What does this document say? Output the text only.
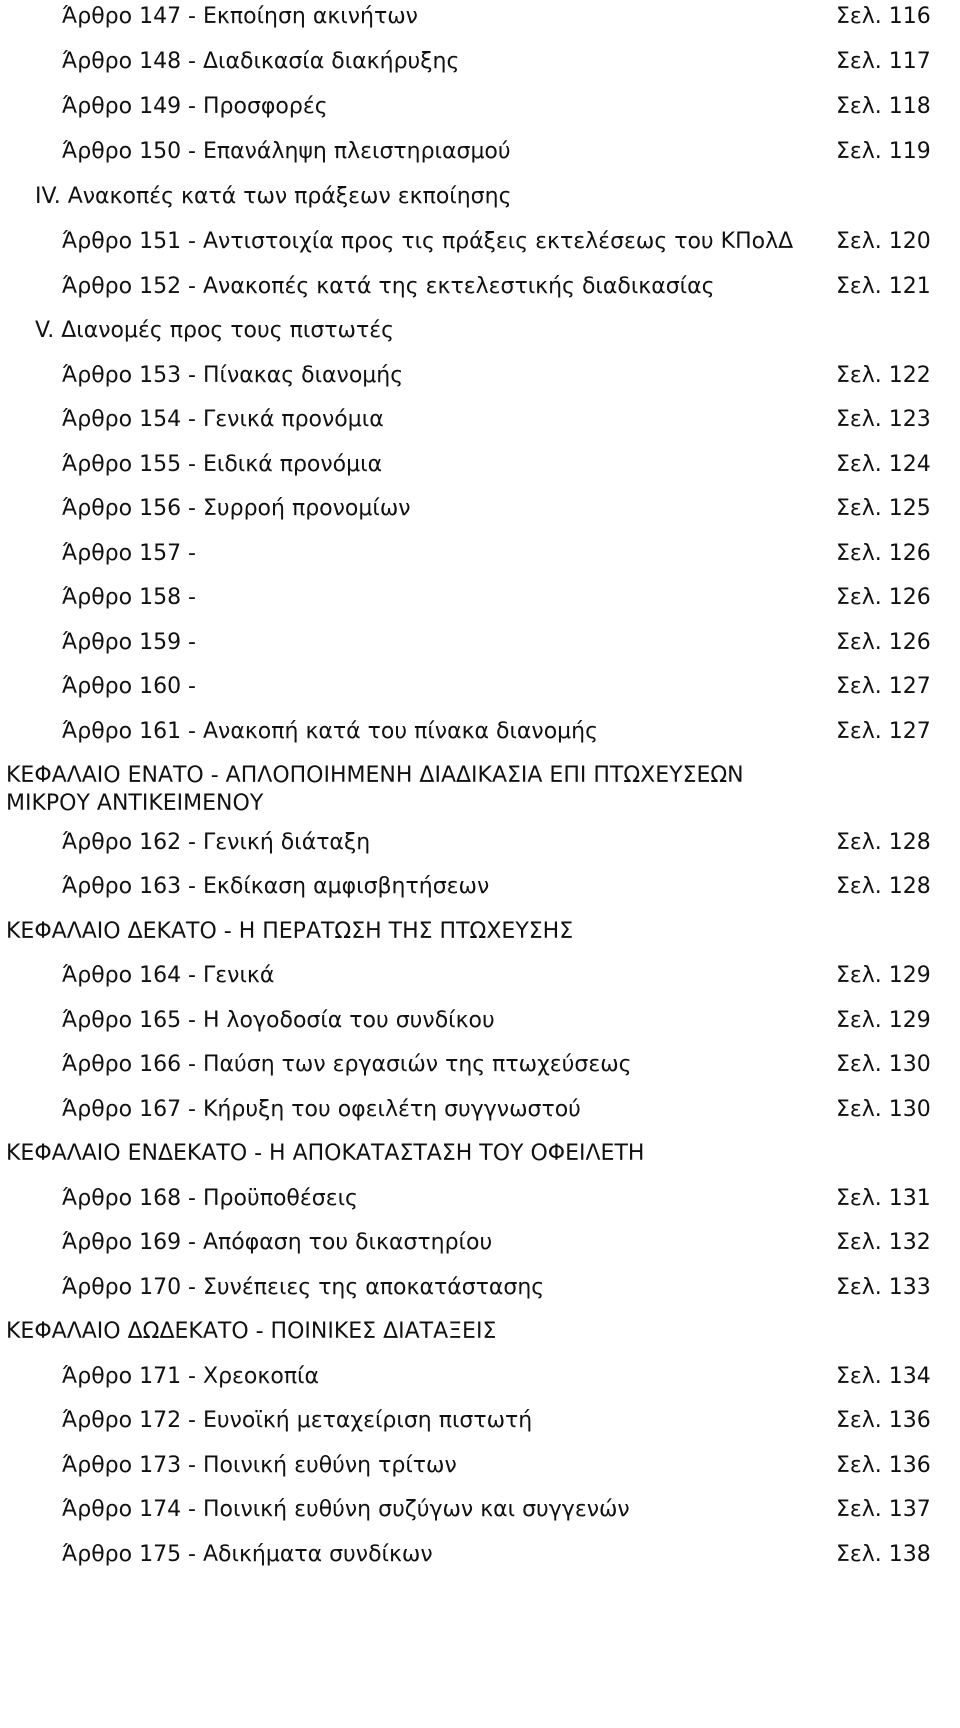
Άρθρο 147 - Εκποίηση ακινήτων	Σελ. 116
Άρθρο 148 - Διαδικασία διακήρυξης	Σελ. 117
Άρθρο 149 - Προσφορές	Σελ. 118
Άρθρο 150 - Επανάληψη πλειστηριασμού	Σελ. 119
IV. Ανακοπές κατά των πράξεων εκποίησης
Άρθρο 151 - Αντιστοιχία προς τις πράξεις εκτελέσεως του ΚΠολΔ Σελ. 120
Άρθρο 152 - Ανακοπές κατά της εκτελεστικής διαδικασίας	Σελ. 121
V. Διανομές προς τους πιστωτές
Άρθρο 153 - Πίνακας διανομής	Σελ. 122
Άρθρο 154 - Γενικά προνόμια	Σελ. 123
Άρθρο 155 - Ειδικά προνόμια	Σελ. 124
Άρθρο 156 - Συρροή προνομίων	Σελ. 125
Άρθρο 157 -	Σελ. 126
Άρθρο 158 -	Σελ. 126
Άρθρο 159 -	Σελ. 126
Άρθρο 160 -	Σελ. 127
Άρθρο 161 - Ανακοπή κατά του πίνακα διανομής	Σελ. 127
ΚΕΦΑΛΑΙΟ ΕΝΑΤΟ - ΑΠΛΟΠΟΙΗΜΕΝΗ ΔΙΑΔΙΚΑΣΙΑ ΕΠΙ ΠΤΩΧΕΥΣΕΩΝ ΜΙΚΡΟΥ ΑΝΤΙΚΕΙΜΕΝΟΥ
Άρθρο 162 - Γενική διάταξη	Σελ. 128
Άρθρο 163 - Εκδίκαση αμφισβητήσεων	Σελ. 128
ΚΕΦΑΛΑΙΟ ΔΕΚΑΤΟ - Η ΠΕΡΑΤΩΣΗ ΤΗΣ ΠΤΩΧΕΥΣΗΣ
Άρθρο 164 - Γενικά	Σελ. 129
Άρθρο 165 - Η λογοδοσία του συνδίκου	Σελ. 129
Άρθρο 166 - Παύση των εργασιών της πτωχεύσεως	Σελ. 130
Άρθρο 167 - Κήρυξη του οφειλέτη συγγνωστού	Σελ. 130
ΚΕΦΑΛΑΙΟ ΕΝΔΕΚΑΤΟ - Η ΑΠΟΚΑΤΑΣΤΑΣΗ ΤΟΥ ΟΦΕΙΛΕΤΗ
Άρθρο 168 - Προϋποθέσεις	Σελ. 131
Άρθρο 169 - Απόφαση του δικαστηρίου	Σελ. 132
Άρθρο 170 - Συνέπειες της αποκατάστασης	Σελ. 133
ΚΕΦΑΛΑΙΟ ΔΩΔΕΚΑΤΟ - ΠΟΙΝΙΚΕΣ ΔΙΑΤΑΞΕΙΣ
Άρθρο 171 - Χρεοκοπία	Σελ. 134
Άρθρο 172 - Ευνοϊκή μεταχείριση πιστωτή	Σελ. 136
Άρθρο 173 - Ποινική ευθύνη τρίτων	Σελ. 136
Άρθρο 174 - Ποινική ευθύνη συζύγων και συγγενών	Σελ. 137
Άρθρο 175 - Αδικήματα συνδίκων	Σελ. 138
